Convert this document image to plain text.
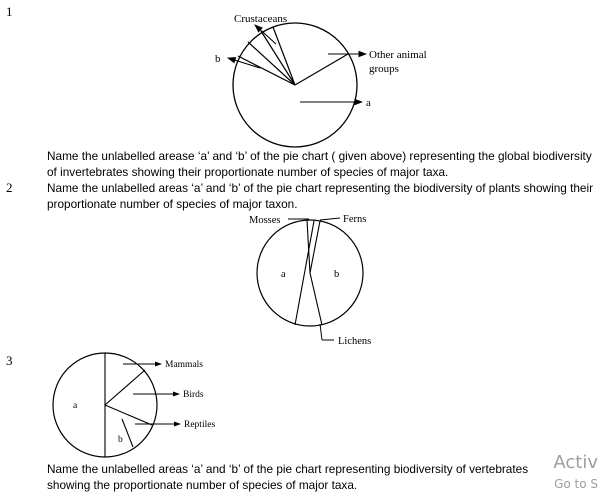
1	Crustaceans
b	Other animal
groups
a
Name the unlabelled arease ‘a’ and ‘b’ of the pie chart ( given above) representing the global biodiversity of invertebrates showing their proportionate number of species of major taxa.
2	Name the unlabelled areas ‘a’ and ‘b’ of the pie chart representing the biodiversity of plants showing their proportionate number of species of major taxon.
Mosses	Ferns
a	b
Lichens
3	Mammals
Birds
Reptiles
a
b
Name the unlabelled areas ‘a’ and ‘b’ of the pie chart representing biodiversity of vertebrates showing the proportionate number of species of major taxa.
Activ
Go to S
